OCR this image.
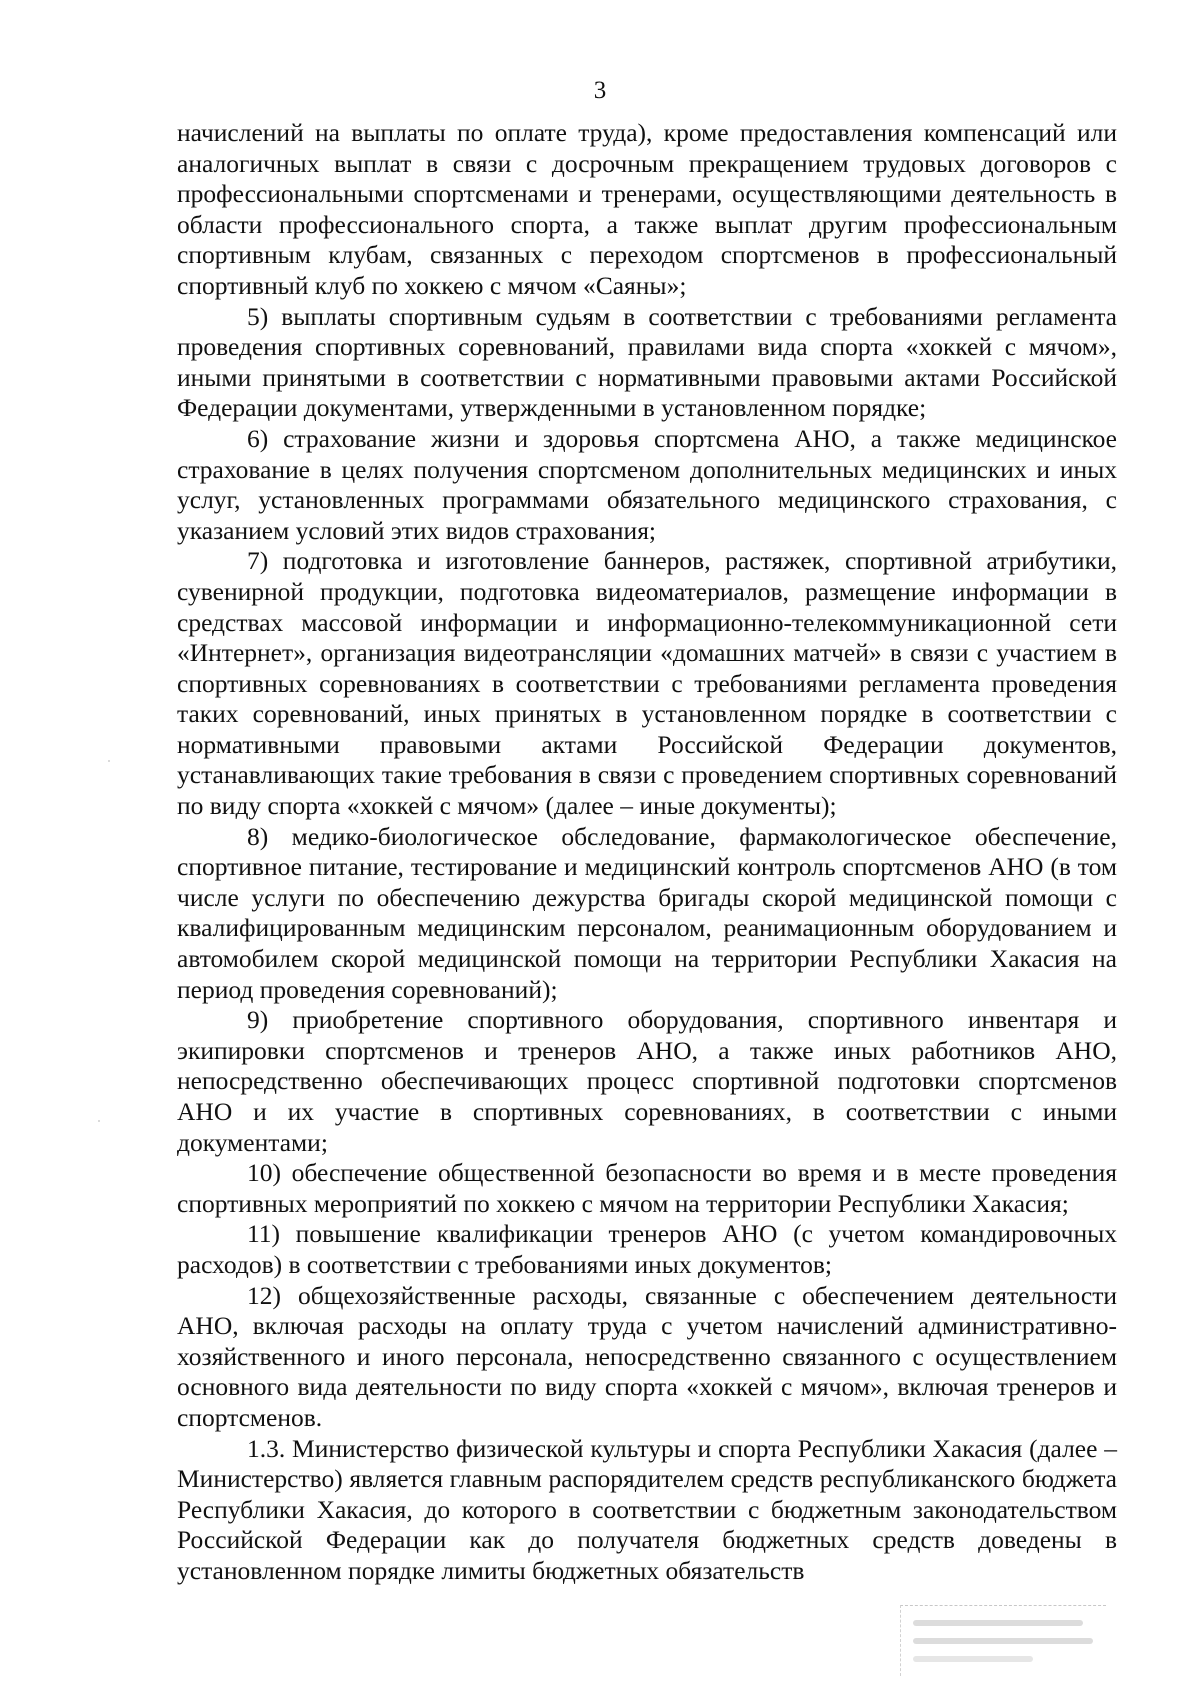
3

начислений на выплаты по оплате труда), кроме предоставления компенсаций или аналогичных выплат в связи с досрочным прекращением трудовых договоров с профессиональными спортсменами и тренерами, осуществляющими деятельность в области профессионального спорта, а также выплат другим профессиональным спортивным клубам, связанных с переходом спортсменов в профессиональный спортивный клуб по хоккею с мячом «Саяны»;

5) выплаты спортивным судьям в соответствии с требованиями регламента проведения спортивных соревнований, правилами вида спорта «хоккей с мячом», иными принятыми в соответствии с нормативными правовыми актами Российской Федерации документами, утвержденными в установленном порядке;

6) страхование жизни и здоровья спортсмена АНО, а также медицинское страхование в целях получения спортсменом дополнительных медицинских и иных услуг, установленных программами обязательного медицинского страхования, с указанием условий этих видов страхования;

7) подготовка и изготовление баннеров, растяжек, спортивной атрибутики, сувенирной продукции, подготовка видеоматериалов, размещение информации в средствах массовой информации и информационно-телекоммуникационной сети «Интернет», организация видеотрансляции «домашних матчей» в связи с участием в спортивных соревнованиях в соответствии с требованиями регламента проведения таких соревнований, иных принятых в установленном порядке в соответствии с нормативными правовыми актами Российской Федерации документов, устанавливающих такие требования в связи с проведением спортивных соревнований по виду спорта «хоккей с мячом» (далее – иные документы);

8) медико-биологическое обследование, фармакологическое обеспечение, спортивное питание, тестирование и медицинский контроль спортсменов АНО (в том числе услуги по обеспечению дежурства бригады скорой медицинской помощи с квалифицированным медицинским персоналом, реанимационным оборудованием и автомобилем скорой медицинской помощи на территории Республики Хакасия на период проведения соревнований);

9) приобретение спортивного оборудования, спортивного инвентаря и экипировки спортсменов и тренеров АНО, а также иных работников АНО, непосредственно обеспечивающих процесс спортивной подготовки спортсменов АНО и их участие в спортивных соревнованиях, в соответствии с иными документами;

10) обеспечение общественной безопасности во время и в месте проведения спортивных мероприятий по хоккею с мячом на территории Республики Хакасия;

11) повышение квалификации тренеров АНО (с учетом командировочных расходов) в соответствии с требованиями иных документов;

12) общехозяйственные расходы, связанные с обеспечением деятельности АНО, включая расходы на оплату труда с учетом начислений административно-хозяйственного и иного персонала, непосредственно связанного с осуществлением основного вида деятельности по виду спорта «хоккей с мячом», включая тренеров и спортсменов.

1.3. Министерство физической культуры и спорта Республики Хакасия (далее – Министерство) является главным распорядителем средств республиканского бюджета Республики Хакасия, до которого в соответствии с бюджетным законодательством Российской Федерации как до получателя бюджетных средств доведены в установленном порядке лимиты бюджетных обязательств
